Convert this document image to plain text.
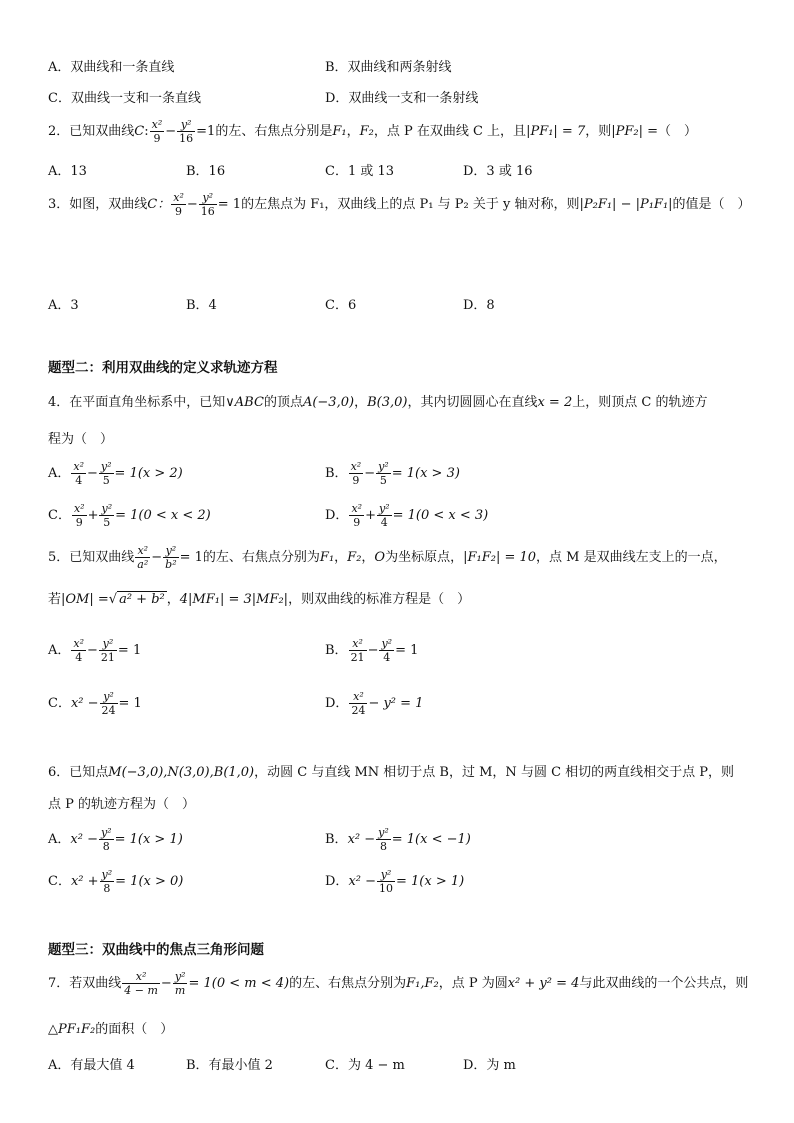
A．双曲线和一条直线	B．双曲线和两条射线
C．双曲线一支和一条直线	D．双曲线一支和一条射线
2．已知双曲线C: $\frac{\text{x²}}{9} - \frac{\text{y²}}{16} =1$的左、右焦点分别是F₁，F₂，点 P 在双曲线 C 上，且|PF₁| = 7，则|PF₂| =（　）
A．13	B．16	C．1 或 13	D．3 或 16
3．如图，双曲线C： $\frac{\text{x²}}{9} - \frac{\text{y²}}{16} = 1$的左焦点为 F₁，双曲线上的点 P₁ 与 P₂ 关于 y 轴对称，则|P₂F₁| − |P₁F₁|的值是（　）
A．3	B．4	C．6	D．8
题型二：利用双曲线的定义求轨迹方程
4．在平面直角坐标系中，已知∨ABC的顶点A(−3,0)，B(3,0)，其内切圆圆心在直线x = 2上，则顶点 C 的轨迹方
程为（　）
A． $\frac{\text{x²}}{4} - \frac{\text{y²}}{5} = 1(x > 2)$	B． $\frac{\text{x²}}{9} - \frac{\text{y²}}{5} = 1(x > 3)$
C． $\frac{\text{x²}}{9} + \frac{\text{y²}}{5} = 1(0 < x < 2)$	D． $\frac{\text{x²}}{9} + \frac{\text{y²}}{4} = 1(0 < x < 3)$
5．已知双曲线 $\frac{\text{x²}}{\text{a²}} - \frac{\text{y²}}{\text{b²}} = 1$的左、右焦点分别为F₁，F₂，O为坐标原点，|F₁F₂| = 10，点 M 是双曲线左支上的一点，
若|OM| =√ a² + b² ，4|MF₁| = 3|MF₂|，则双曲线的标准方程是（　）
A． $\frac{\text{x²}}{4} - \frac{\text{y²}}{21} = 1$	B． $\frac{\text{x²}}{21} - \frac{\text{y²}}{4} = 1$
C．$x^2 - \frac{\text{y²}}{24} = 1$	D． $\frac{\text{x²}}{24} - y^2 = 1$
6．已知点M(−3,0),N(3,0),B(1,0)，动圆 C 与直线 MN 相切于点 B，过 M，N 与圆 C 相切的两直线相交于点 P，则
点 P 的轨迹方程为（　）
A．$x^2 - \frac{\text{y²}}{8} = 1(x > 1)$	B．$x^2 - \frac{\text{y²}}{8} = 1(x < -1)$
C．$x^2 + \frac{\text{y²}}{8} = 1(x > 0)$	D．$x^2 - \frac{\text{y²}}{10} = 1(x > 1)$
题型三：双曲线中的焦点三角形问题
7．若双曲线 $\frac{\text{x²}}{4 - m} - \frac{\text{y²}}{m} = 1(0 < m < 4)$的左、右焦点分别为F₁,F₂，点 P 为圆x² + y² = 4与此双曲线的一个公共点，则
△PF₁F₂的面积（　）
A．有最大值 4	B．有最小值 2	C．为 4 − m	D．为 m
